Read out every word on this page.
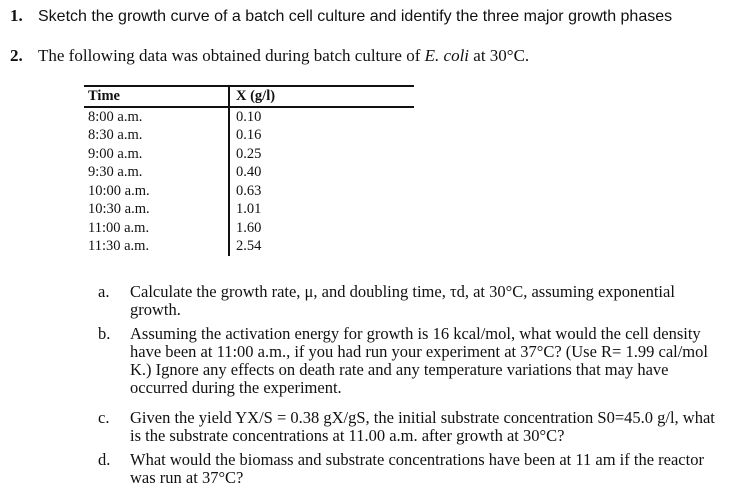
1. Sketch the growth curve of a batch cell culture and identify the three major growth phases
2. The following data was obtained during batch culture of E. coli at 30°C.
Time	X (g/l)
8:00 a.m.	0.10
8:30 a.m.	0.16
9:00 a.m.	0.25
9:30 a.m.	0.40
10:00 a.m.	0.63
10:30 a.m.	1.01
11:00 a.m.	1.60
11:30 a.m.	2.54
a.	Calculate the growth rate, μ, and doubling time, τd, at 30°C, assuming exponential growth.
b.	Assuming the activation energy for growth is 16 kcal/mol, what would the cell density have been at 11:00 a.m., if you had run your experiment at 37°C? (Use R= 1.99 cal/mol K.) Ignore any effects on death rate and any temperature variations that may have occurred during the experiment.
c.	Given the yield YX/S = 0.38 gX/gS, the initial substrate concentration S0=45.0 g/l, what is the substrate concentrations at 11.00 a.m. after growth at 30°C?
d.	What would the biomass and substrate concentrations have been at 11 am if the reactor was run at 37°C?
